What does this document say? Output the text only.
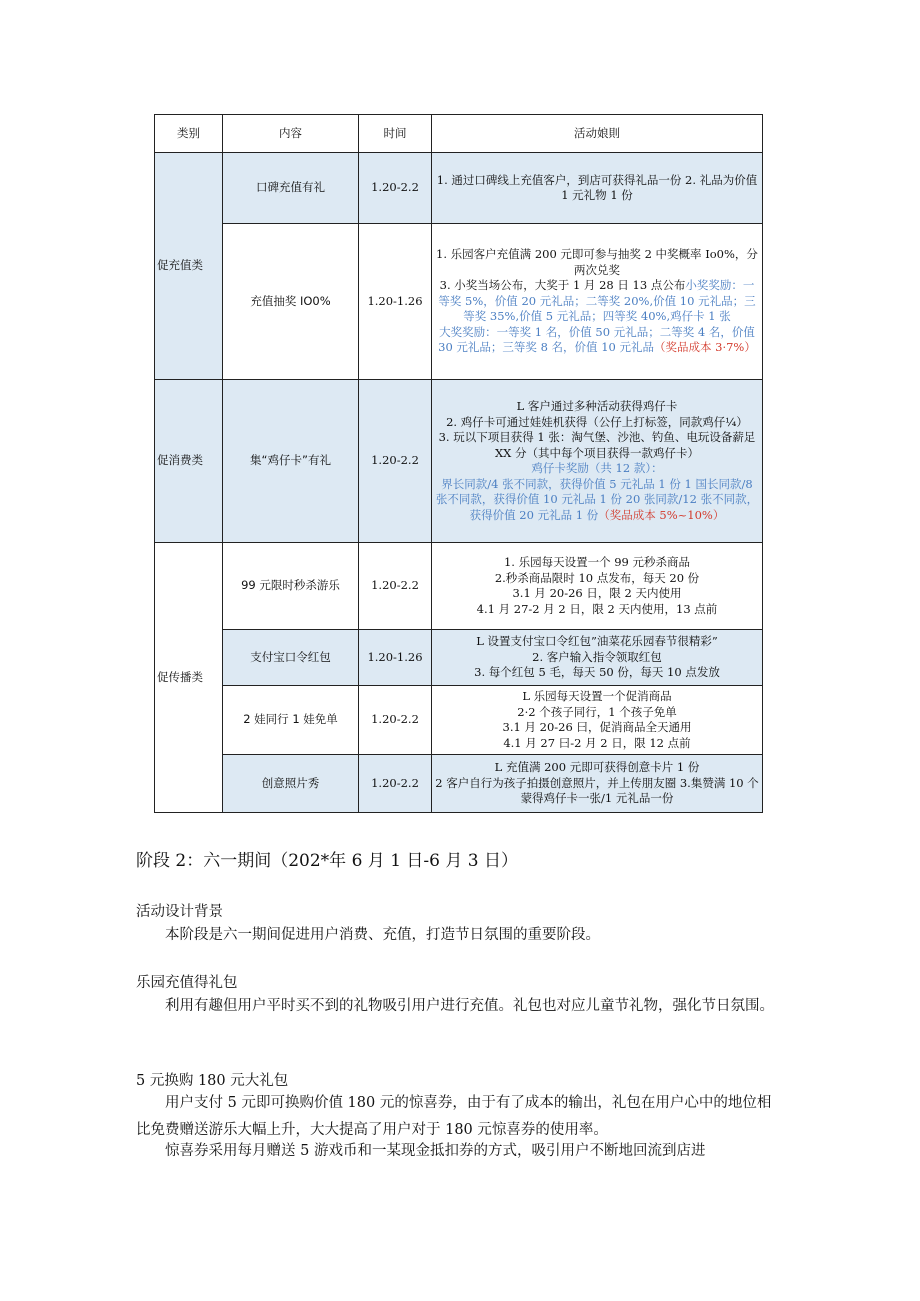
类别	内容	时间	活动娘則
促充值类	口碑充值有礼	1.20-2.2	1. 通过口碑线上充值客户，到店可获得礼品一份 2. 礼品为价值 1 元礼物 1 份

	充值抽奖 IO0%	1.20-1.26	1. 乐园客户充值满 200 元即可参与抽奖 2 中奖概率 Io0%，分两次兑奖
3. 小奖当场公布，大奖于 1 月 28 日 13 点公布小奖奖励：一等奖 5%，价值 20 元礼品；二等奖 20%,价值 10 元礼品；三等奖 35%,价值 5 元礼品；四等奖 40%,鸡仔卡 1 张
大奖奖励：一等奖 1 名，价值 50 元礼品；二等奖 4 名，价值 30 元礼品；三等奖 8 名，价值 10 元礼品（奖品成本 3·7%）

促消费类	集“鸡仔卡”有礼	1.20-2.2	L 客户通过多种活动获得鸡仔卡
2. 鸡仔卡可通过娃娃机获得（公仔上打标签，同款鸡仔¼）
3. 玩以下项目获得 1 张：淘气堡、沙池、钓鱼、电玩设备薪足 XX 分（其中每个项目获得一款鸡仔卡）
鸡仔卡奖励（共 12 款）：
界长同款/4 张不同款，获得价值 5 元礼品 1 份 1 国长同款/8 张不同款，获得价值 10 元礼品 1 份 20 张同款/12 张不同款，获得价值 20 元礼品 1 份（奖品成本 5%~10%）

促传播类	99 元限时秒杀游乐	1.20-2.2	1. 乐园每天设置一个 99 元秒杀商品
2.秒杀商品限时 10 点发布，每天 20 份
3.1 月 20-26 日，限 2 天内使用
4.1 月 27-2 月 2 日，限 2 天内使用，13 点前

	支付宝口令红包	1.20-1.26	L 设置支付宝口令红包”油菜花乐园春节很精彩”
2. 客户输入指令领取红包
3. 每个红包 5 毛，每天 50 份，每天 10 点发放

	2 娃同行 1 娃免单	1.20-2.2	L 乐园每天设置一个促消商品
2·2 个孩子同行，1 个孩子免单
3.1 月 20-26 曰，促消商品全天通用
4.1 月 27 曰-2 月 2 日，限 12 点前

	创意照片秀	1.20-2.2	L 充值满 200 元即可获得创意卡片 1 份
2 客户自行为孩子拍摄创意照片，并上传朋友圈 3.集赞满 10 个蒙得鸡仔卡一张/1 元礼品一份
阶段 2：六一期间（202*年 6 月 1 日-6 月 3 日）
活动设计背景

本阶段是六一期间促进用户消费、充值，打造节日氛围的重要阶段。

乐园充值得礼包

利用有趣但用户平时买不到的礼物吸引用户进行充值。礼包也对应儿童节礼物，强化节日氛围。

5 元换购 180 元大礼包

用户支付 5 元即可换购价值 180 元的惊喜券，由于有了成本的输出，礼包在用户心中的地位相比免费赠送游乐大幅上升，大大提高了用户对于 180 元惊喜券的使用率。

惊喜券采用每月赠送 5 游戏币和一某现金抵扣券的方式，吸引用户不断地回流到店进
